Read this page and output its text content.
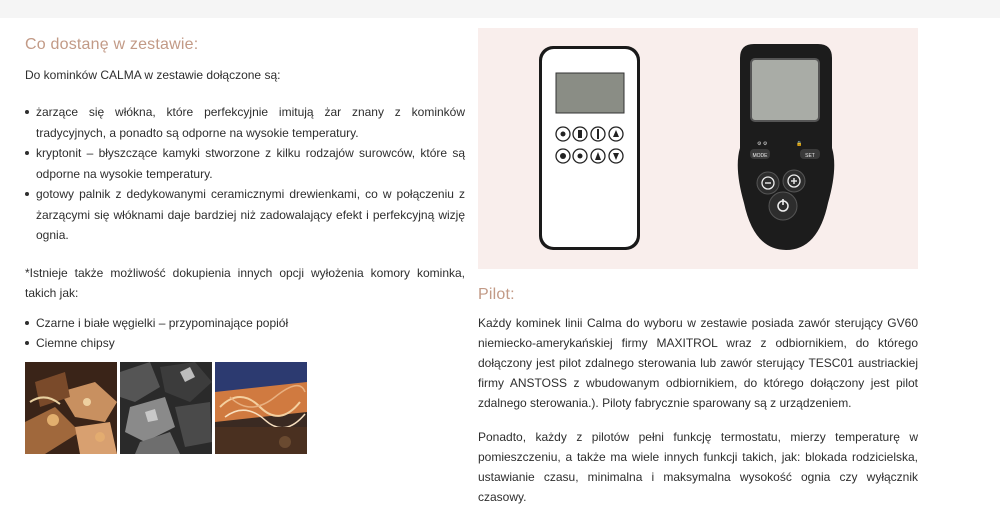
Co dostanę w zestawie:

Do kominków CALMA w zestawie dołączone są:

żarzące się włókna, które perfekcyjnie imitują żar znany z kominków tradycyjnych, a ponadto są odporne na wysokie temperatury.
kryptonit – błyszczące kamyki stworzone z kilku rodzajów surowców, które są odporne na wysokie temperatury.
gotowy palnik z dedykowanymi ceramicznymi drewienkami, co w połączeniu z żarzącymi się włóknami daje bardziej niż zadowalający efekt i perfekcyjną wizję ognia.

*Istnieje także możliwość dokupienia innych opcji wyłożenia komory kominka, takich jak:

Czarne i białe węgielki – przypominające popiół
Ciemne chipsy
⚙ ⚙	🔒
MODE	SET
Pilot:

Każdy kominek linii Calma do wyboru w zestawie posiada zawór sterujący GV60 niemiecko-amerykańskiej firmy MAXITROL wraz z odbiornikiem, do którego dołączony jest pilot zdalnego sterowania lub zawór sterujący TESC01 austriackiej firmy ANSTOSS z wbudowanym odbiornikiem, do którego dołączony jest pilot zdalnego sterowania.). Piloty fabrycznie sparowany są z urządzeniem.

Ponadto, każdy z pilotów pełni funkcję termostatu, mierzy temperaturę w pomieszczeniu, a także ma wiele innych funkcji takich, jak: blokada rodzicielska, ustawianie czasu, minimalna i maksymalna wysokość ognia czy wyłącznik czasowy.
